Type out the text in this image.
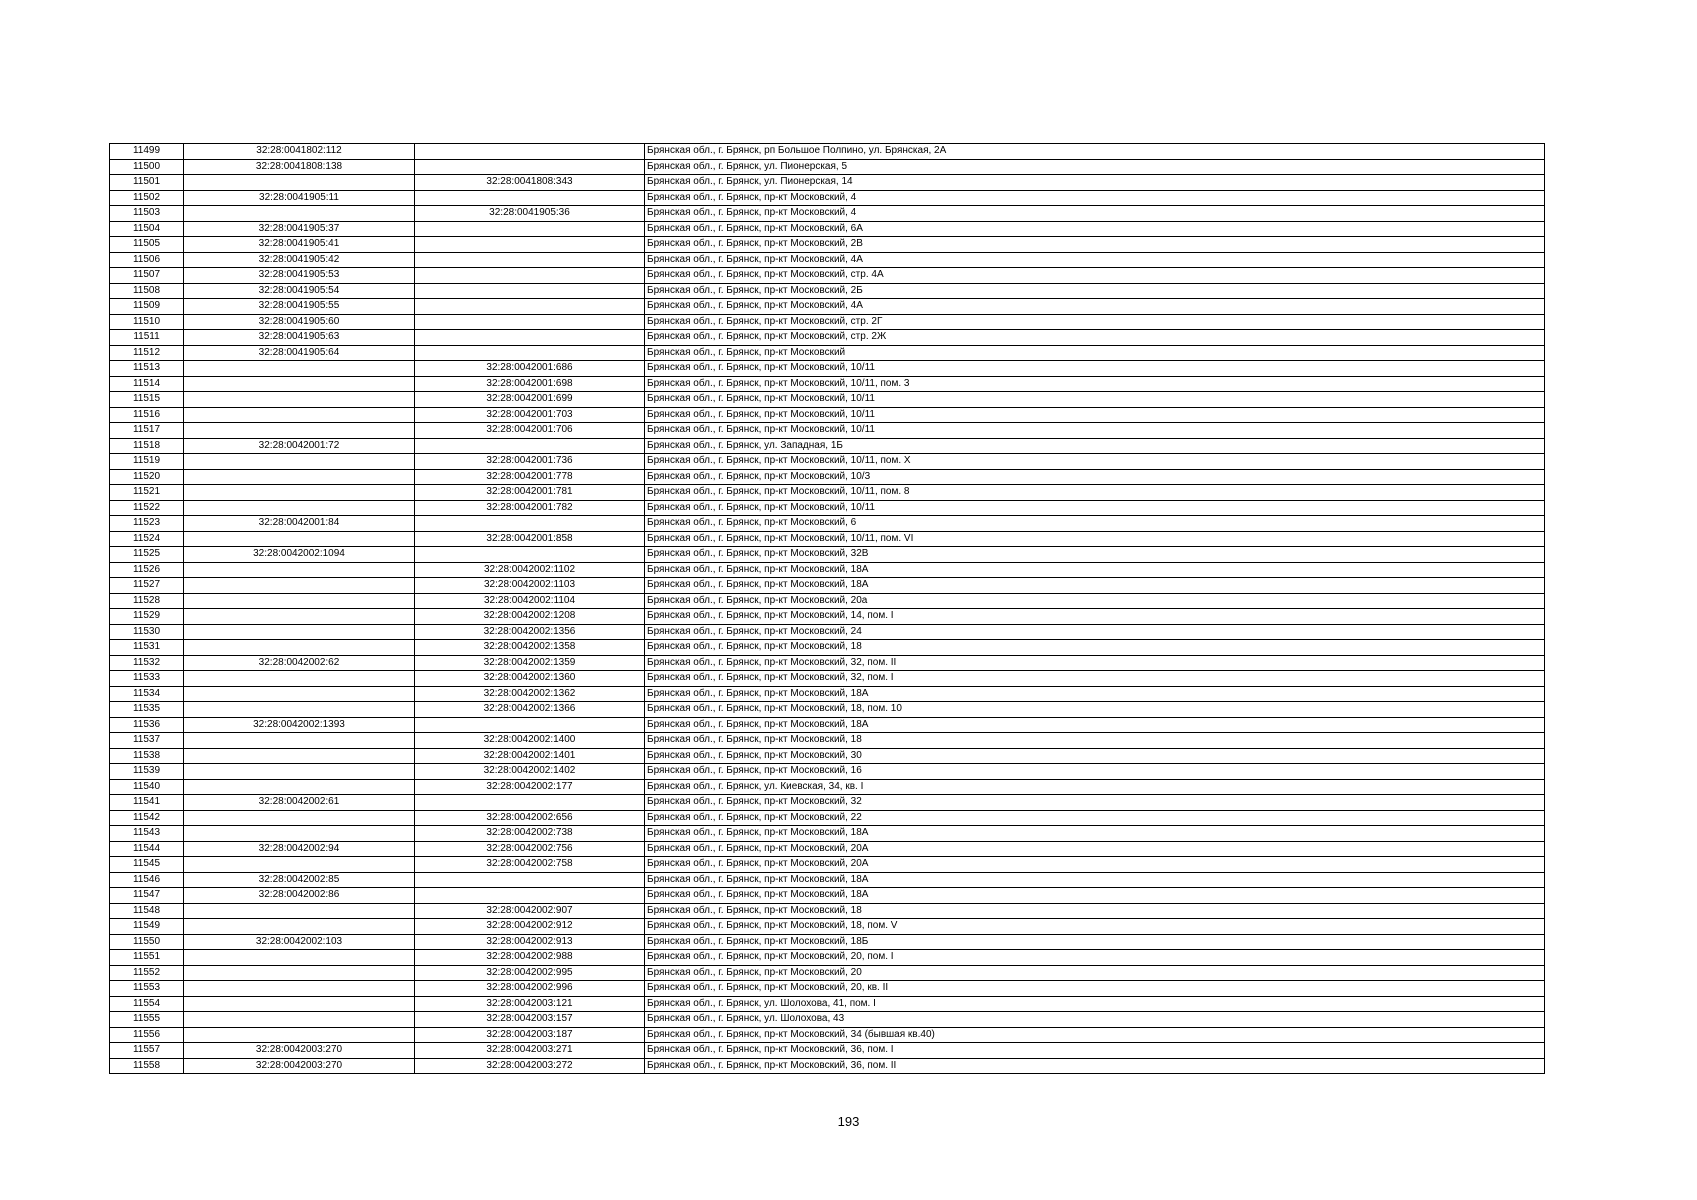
11499	32:28:0041802:112		Брянская обл., г. Брянск, рп Большое Полпино, ул. Брянская, 2А
11500	32:28:0041808:138		Брянская обл., г. Брянск, ул. Пионерская, 5
11501		32:28:0041808:343	Брянская обл., г. Брянск, ул. Пионерская, 14
11502	32:28:0041905:11		Брянская обл., г. Брянск, пр-кт Московский, 4
11503		32:28:0041905:36	Брянская обл., г. Брянск, пр-кт Московский, 4
11504	32:28:0041905:37		Брянская обл., г. Брянск, пр-кт Московский, 6А
11505	32:28:0041905:41		Брянская обл., г. Брянск, пр-кт Московский, 2В
11506	32:28:0041905:42		Брянская обл., г. Брянск, пр-кт Московский, 4А
11507	32:28:0041905:53		Брянская обл., г. Брянск, пр-кт Московский, стр. 4А
11508	32:28:0041905:54		Брянская обл., г. Брянск, пр-кт Московский, 2Б
11509	32:28:0041905:55		Брянская обл., г. Брянск, пр-кт Московский, 4А
11510	32:28:0041905:60		Брянская обл., г. Брянск, пр-кт Московский, стр. 2Г
11511	32:28:0041905:63		Брянская обл., г. Брянск, пр-кт Московский, стр. 2Ж
11512	32:28:0041905:64		Брянская обл., г. Брянск, пр-кт Московский
11513		32:28:0042001:686	Брянская обл., г. Брянск, пр-кт Московский, 10/11
11514		32:28:0042001:698	Брянская обл., г. Брянск, пр-кт Московский, 10/11, пом. 3
11515		32:28:0042001:699	Брянская обл., г. Брянск, пр-кт Московский, 10/11
11516		32:28:0042001:703	Брянская обл., г. Брянск, пр-кт Московский, 10/11
11517		32:28:0042001:706	Брянская обл., г. Брянск, пр-кт Московский, 10/11
11518	32:28:0042001:72		Брянская обл., г. Брянск, ул. Западная, 1Б
11519		32:28:0042001:736	Брянская обл., г. Брянск, пр-кт Московский, 10/11, пом. X
11520		32:28:0042001:778	Брянская обл., г. Брянск, пр-кт Московский, 10/3
11521		32:28:0042001:781	Брянская обл., г. Брянск, пр-кт Московский, 10/11, пом. 8
11522		32:28:0042001:782	Брянская обл., г. Брянск, пр-кт Московский, 10/11
11523	32:28:0042001:84		Брянская обл., г. Брянск, пр-кт Московский, 6
11524		32:28:0042001:858	Брянская обл., г. Брянск, пр-кт Московский, 10/11, пом. VI
11525	32:28:0042002:1094		Брянская обл., г. Брянск, пр-кт Московский, 32В
11526		32:28:0042002:1102	Брянская обл., г. Брянск, пр-кт Московский, 18А
11527		32:28:0042002:1103	Брянская обл., г. Брянск, пр-кт Московский, 18А
11528		32:28:0042002:1104	Брянская обл., г. Брянск, пр-кт Московский, 20а
11529		32:28:0042002:1208	Брянская обл., г. Брянск, пр-кт Московский, 14, пом. I
11530		32:28:0042002:1356	Брянская обл., г. Брянск, пр-кт Московский, 24
11531		32:28:0042002:1358	Брянская обл., г. Брянск, пр-кт Московский, 18
11532	32:28:0042002:62	32:28:0042002:1359	Брянская обл., г. Брянск, пр-кт Московский, 32, пом. II
11533		32:28:0042002:1360	Брянская обл., г. Брянск, пр-кт Московский, 32, пом. I
11534		32:28:0042002:1362	Брянская обл., г. Брянск, пр-кт Московский, 18А
11535		32:28:0042002:1366	Брянская обл., г. Брянск, пр-кт Московский, 18, пом. 10
11536	32:28:0042002:1393		Брянская обл., г. Брянск, пр-кт Московский, 18А
11537		32:28:0042002:1400	Брянская обл., г. Брянск, пр-кт Московский, 18
11538		32:28:0042002:1401	Брянская обл., г. Брянск, пр-кт Московский, 30
11539		32:28:0042002:1402	Брянская обл., г. Брянск, пр-кт Московский, 16
11540		32:28:0042002:177	Брянская обл., г. Брянск, ул. Киевская, 34, кв. I
11541	32:28:0042002:61		Брянская обл., г. Брянск, пр-кт Московский, 32
11542		32:28:0042002:656	Брянская обл., г. Брянск, пр-кт Московский, 22
11543		32:28:0042002:738	Брянская обл., г. Брянск, пр-кт Московский, 18А
11544	32:28:0042002:94	32:28:0042002:756	Брянская обл., г. Брянск, пр-кт Московский, 20А
11545		32:28:0042002:758	Брянская обл., г. Брянск, пр-кт Московский, 20А
11546	32:28:0042002:85		Брянская обл., г. Брянск, пр-кт Московский, 18А
11547	32:28:0042002:86		Брянская обл., г. Брянск, пр-кт Московский, 18А
11548		32:28:0042002:907	Брянская обл., г. Брянск, пр-кт Московский, 18
11549		32:28:0042002:912	Брянская обл., г. Брянск, пр-кт Московский, 18, пом. V
11550	32:28:0042002:103	32:28:0042002:913	Брянская обл., г. Брянск, пр-кт Московский, 18Б
11551		32:28:0042002:988	Брянская обл., г. Брянск, пр-кт Московский, 20, пом. I
11552		32:28:0042002:995	Брянская обл., г. Брянск, пр-кт Московский, 20
11553		32:28:0042002:996	Брянская обл., г. Брянск, пр-кт Московский, 20, кв. II
11554		32:28:0042003:121	Брянская обл., г. Брянск, ул. Шолохова, 41, пом. I
11555		32:28:0042003:157	Брянская обл., г. Брянск, ул. Шолохова, 43
11556		32:28:0042003:187	Брянская обл., г. Брянск, пр-кт Московский, 34 (бывшая кв.40)
11557	32:28:0042003:270	32:28:0042003:271	Брянская обл., г. Брянск, пр-кт Московский, 36, пом. I
11558	32:28:0042003:270	32:28:0042003:272	Брянская обл., г. Брянск, пр-кт Московский, 36, пом. II
193
